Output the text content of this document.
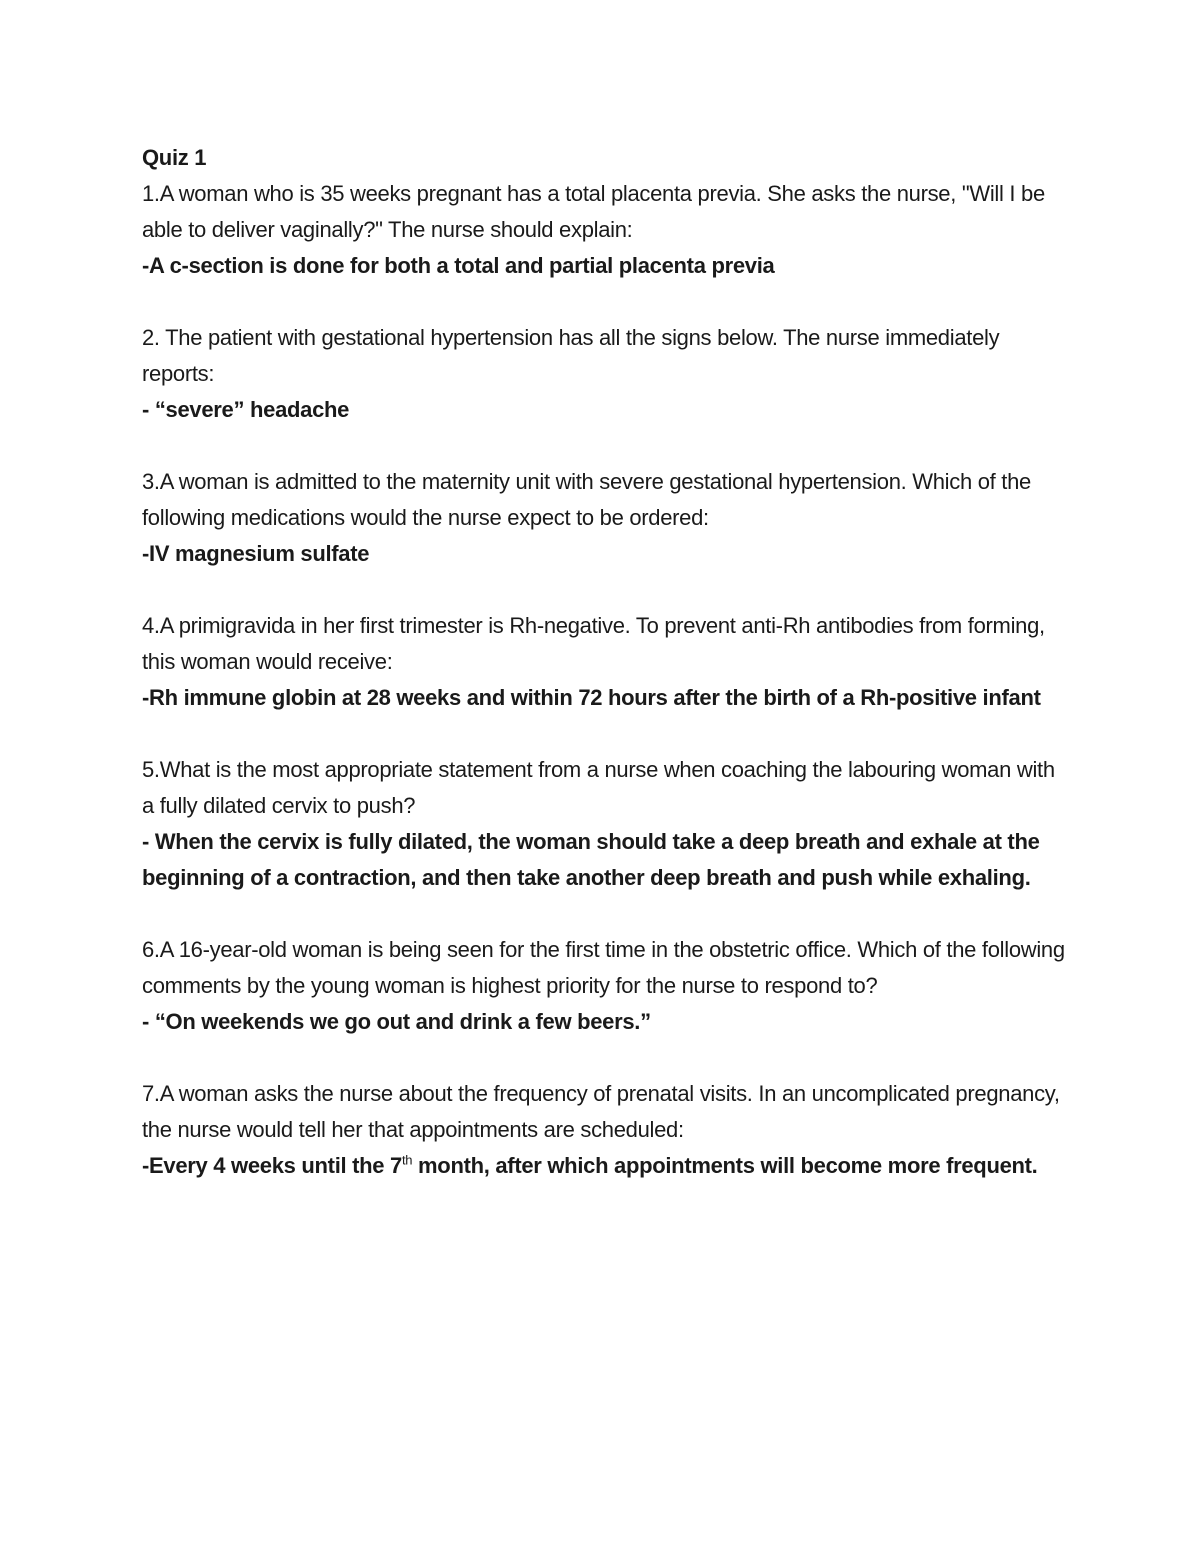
Quiz 1

1.A woman who is 35 weeks pregnant has a total placenta previa. She asks the nurse, "Will I be able to deliver vaginally?" The nurse should explain:

-A c-section is done for both a total and partial placenta previa

2. The patient with gestational hypertension has all the signs below. The nurse immediately reports:

- “severe” headache

3.A woman is admitted to the maternity unit with severe gestational hypertension. Which of the following medications would the nurse expect to be ordered:

-IV magnesium sulfate

4.A primigravida in her first trimester is Rh-negative. To prevent anti-Rh antibodies from forming, this woman would receive:

-Rh immune globin at 28 weeks and within 72 hours after the birth of a Rh-positive infant

5.What is the most appropriate statement from a nurse when coaching the labouring woman with a fully dilated cervix to push?

- When the cervix is fully dilated, the woman should take a deep breath and exhale at the beginning of a contraction, and then take another deep breath and push while exhaling.

6.A 16-year-old woman is being seen for the first time in the obstetric office. Which of the following comments by the young woman is highest priority for the nurse to respond to?

- “On weekends we go out and drink a few beers.”

7.A woman asks the nurse about the frequency of prenatal visits. In an uncomplicated pregnancy, the nurse would tell her that appointments are scheduled:

-Every 4 weeks until the 7th month, after which appointments will become more frequent.
